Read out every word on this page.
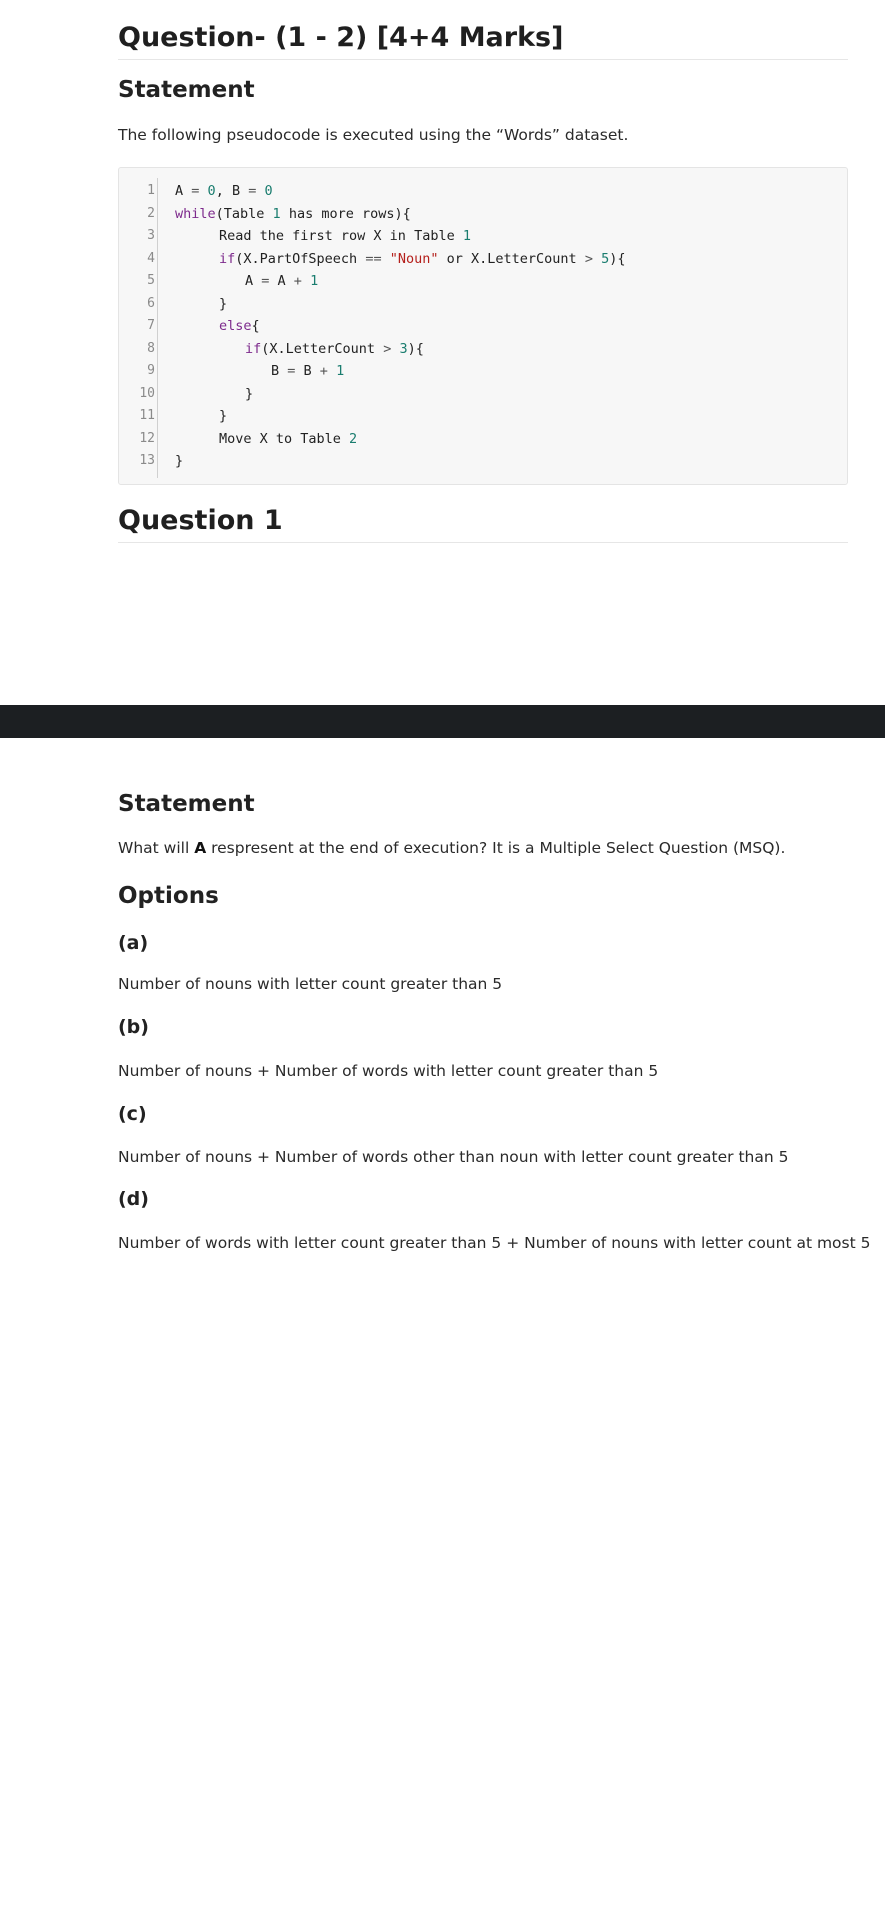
Question- (1 - 2) [4+4 Marks]
Statement
The following pseudocode is executed using the “Words” dataset.
1
2
3
4
5
6
7
8
9
10
11
12
13
A = 0, B = 0
while(Table 1 has more rows){
Read the first row X in Table 1
if(X.PartOfSpeech == "Noun" or X.LetterCount > 5){
A = A + 1
}
else{
if(X.LetterCount > 3){
B = B + 1
}
}
Move X to Table 2
}
Question 1
Statement
What will A respresent at the end of execution? It is a Multiple Select Question (MSQ).
Options
(a)
Number of nouns with letter count greater than 5
(b)
Number of nouns + Number of words with letter count greater than 5
(c)
Number of nouns + Number of words other than noun with letter count greater than 5
(d)
Number of words with letter count greater than 5 + Number of nouns with letter count at most 5
